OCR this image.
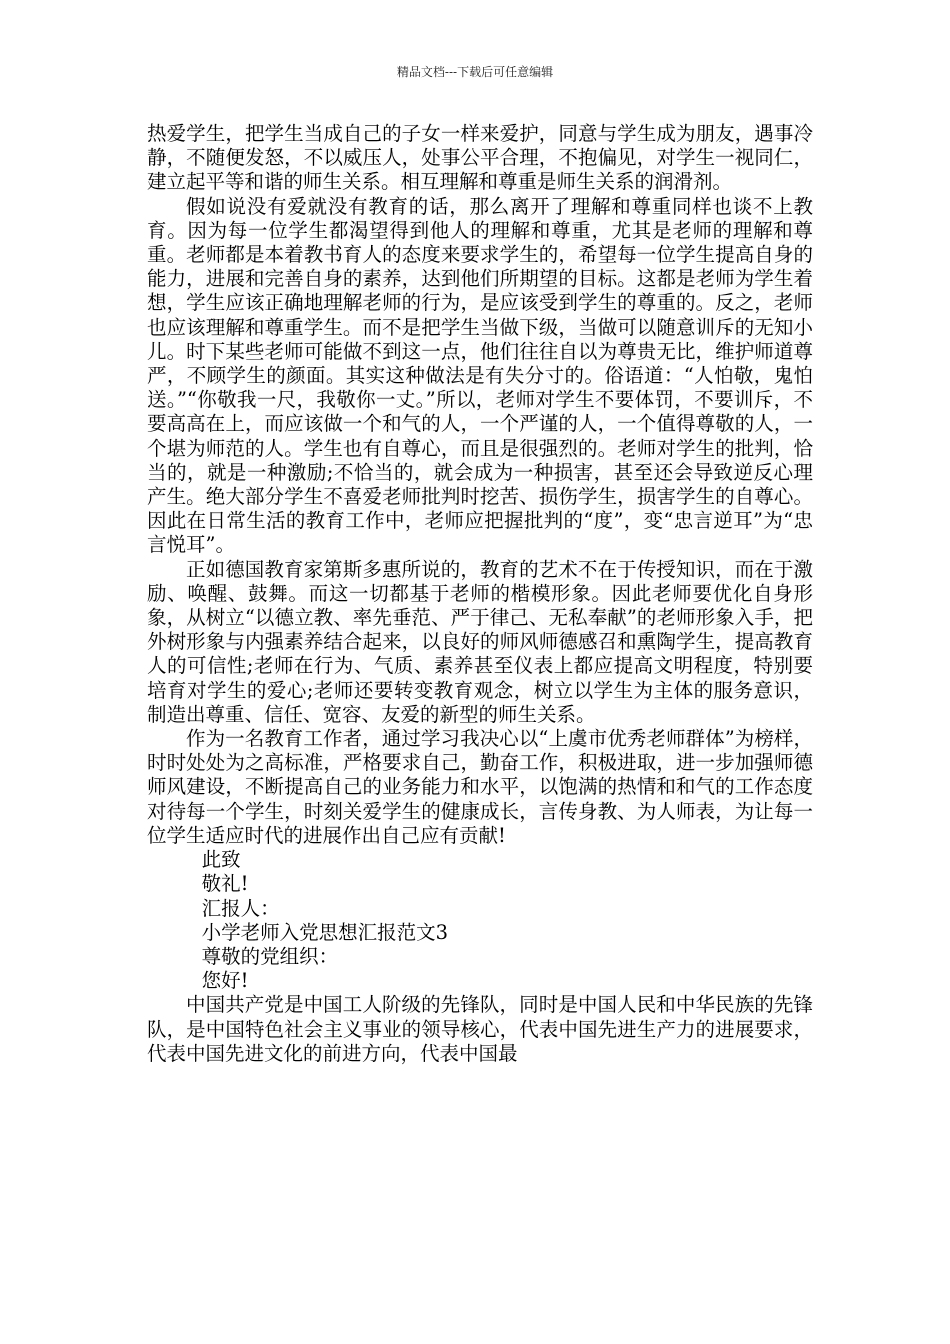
精品文档---下载后可任意编辑

热爱学生，把学生当成自己的子女一样来爱护，同意与学生成为朋友，遇事冷静，不随便发怒，不以威压人，处事公平合理，不抱偏见，对学生一视同仁，建立起平等和谐的师生关系。相互理解和尊重是师生关系的润滑剂。

假如说没有爱就没有教育的话，那么离开了理解和尊重同样也谈不上教育。因为每一位学生都渴望得到他人的理解和尊重，尤其是老师的理解和尊重。老师都是本着教书育人的态度来要求学生的，希望每一位学生提高自身的能力，进展和完善自身的素养，达到他们所期望的目标。这都是老师为学生着想，学生应该正确地理解老师的行为，是应该受到学生的尊重的。反之，老师也应该理解和尊重学生。而不是把学生当做下级，当做可以随意训斥的无知小儿。时下某些老师可能做不到这一点，他们往往自以为尊贵无比，维护师道尊严，不顾学生的颜面。其实这种做法是有失分寸的。俗语道：“人怕敬，鬼怕送。”“你敬我一尺，我敬你一丈。”所以，老师对学生不要体罚，不要训斥，不要高高在上，而应该做一个和气的人，一个严谨的人，一个值得尊敬的人，一个堪为师范的人。学生也有自尊心，而且是很强烈的。老师对学生的批判，恰当的，就是一种激励;不恰当的，就会成为一种损害，甚至还会导致逆反心理产生。绝大部分学生不喜爱老师批判时挖苦、损伤学生，损害学生的自尊心。因此在日常生活的教育工作中，老师应把握批判的“度”，变“忠言逆耳”为“忠言悦耳”。

正如德国教育家第斯多惠所说的，教育的艺术不在于传授知识，而在于激励、唤醒、鼓舞。而这一切都基于老师的楷模形象。因此老师要优化自身形象，从树立“以德立教、率先垂范、严于律己、无私奉献”的老师形象入手，把外树形象与内强素养结合起来，以良好的师风师德感召和熏陶学生，提高教育人的可信性;老师在行为、气质、素养甚至仪表上都应提高文明程度，特别要培育对学生的爱心;老师还要转变教育观念，树立以学生为主体的服务意识，制造出尊重、信任、宽容、友爱的新型的师生关系。

作为一名教育工作者，通过学习我决心以“上虞市优秀老师群体”为榜样，时时处处为之高标准，严格要求自己，勤奋工作，积极进取，进一步加强师德师风建设，不断提高自己的业务能力和水平，以饱满的热情和和气的工作态度对待每一个学生，时刻关爱学生的健康成长，言传身教、为人师表，为让每一位学生适应时代的进展作出自己应有贡献!

此致

敬礼!

汇报人：

小学老师入党思想汇报范文3

尊敬的党组织：

您好!

中国共产党是中国工人阶级的先锋队，同时是中国人民和中华民族的先锋队，是中国特色社会主义事业的领导核心，代表中国先进生产力的进展要求，代表中国先进文化的前进方向，代表中国最
